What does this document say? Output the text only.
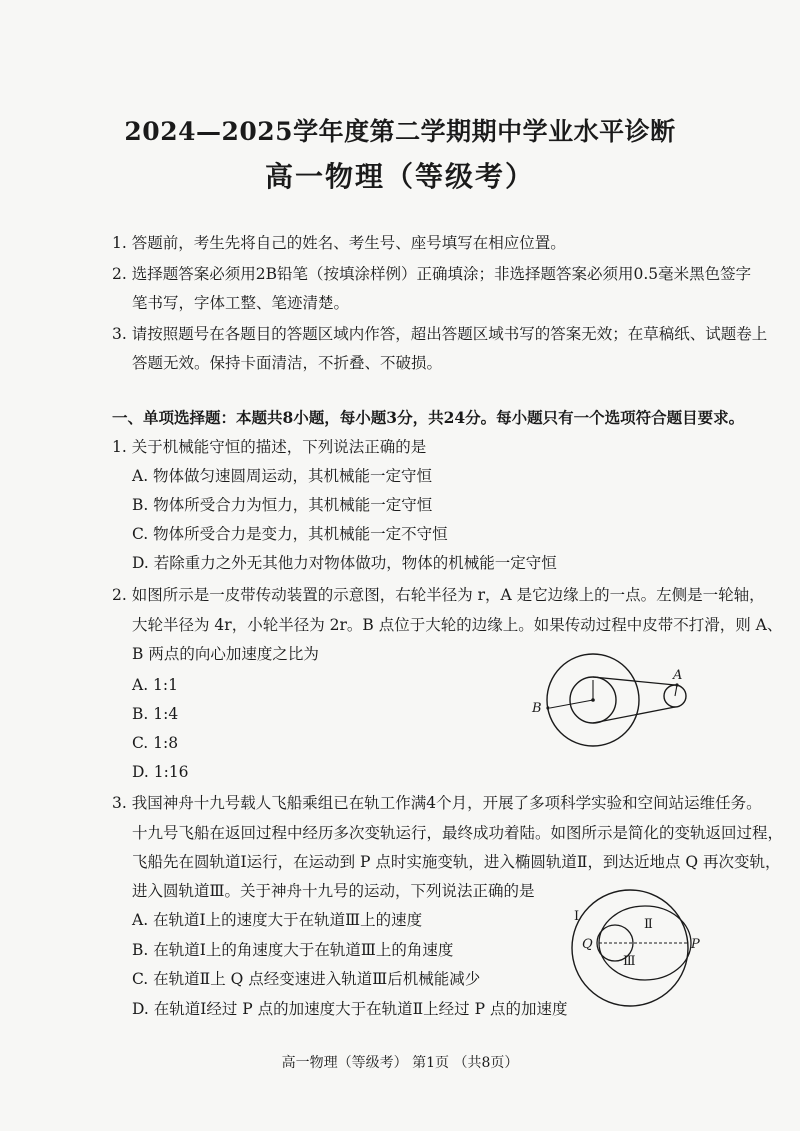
2024—2025学年度第二学期期中学业水平诊断
高一物理（等级考）
1. 答题前，考生先将自己的姓名、考生号、座号填写在相应位置。
2. 选择题答案必须用2B铅笔（按填涂样例）正确填涂；非选择题答案必须用0.5毫米黑色签字
笔书写，字体工整、笔迹清楚。
3. 请按照题号在各题目的答题区域内作答，超出答题区域书写的答案无效；在草稿纸、试题卷上
答题无效。保持卡面清洁，不折叠、不破损。
一、单项选择题：本题共8小题，每小题3分，共24分。每小题只有一个选项符合题目要求。
1. 关于机械能守恒的描述，下列说法正确的是
A. 物体做匀速圆周运动，其机械能一定守恒
B. 物体所受合力为恒力，其机械能一定守恒
C. 物体所受合力是变力，其机械能一定不守恒
D. 若除重力之外无其他力对物体做功，物体的机械能一定守恒
2. 如图所示是一皮带传动装置的示意图，右轮半径为 r，A 是它边缘上的一点。左侧是一轮轴，
大轮半径为 4r，小轮半径为 2r。B 点位于大轮的边缘上。如果传动过程中皮带不打滑，则 A、
B 两点的向心加速度之比为
A. 1:1
B. 1:4
C. 1:8
D. 1:16
B
A
3. 我国神舟十九号载人飞船乘组已在轨工作满4个月，开展了多项科学实验和空间站运维任务。
十九号飞船在返回过程中经历多次变轨运行，最终成功着陆。如图所示是简化的变轨返回过程，
飞船先在圆轨道Ⅰ运行，在运动到 P 点时实施变轨，进入椭圆轨道Ⅱ，到达近地点 Q 再次变轨，
进入圆轨道Ⅲ。关于神舟十九号的运动，下列说法正确的是
A. 在轨道Ⅰ上的速度大于在轨道Ⅲ上的速度
B. 在轨道Ⅰ上的角速度大于在轨道Ⅲ上的角速度
C. 在轨道Ⅱ上 Q 点经变速进入轨道Ⅲ后机械能减少
D. 在轨道Ⅰ经过 P 点的加速度大于在轨道Ⅱ上经过 P 点的加速度
Ⅰ
Ⅱ
Ⅲ
Q	P
高一物理（等级考） 第1页 （共8页）
